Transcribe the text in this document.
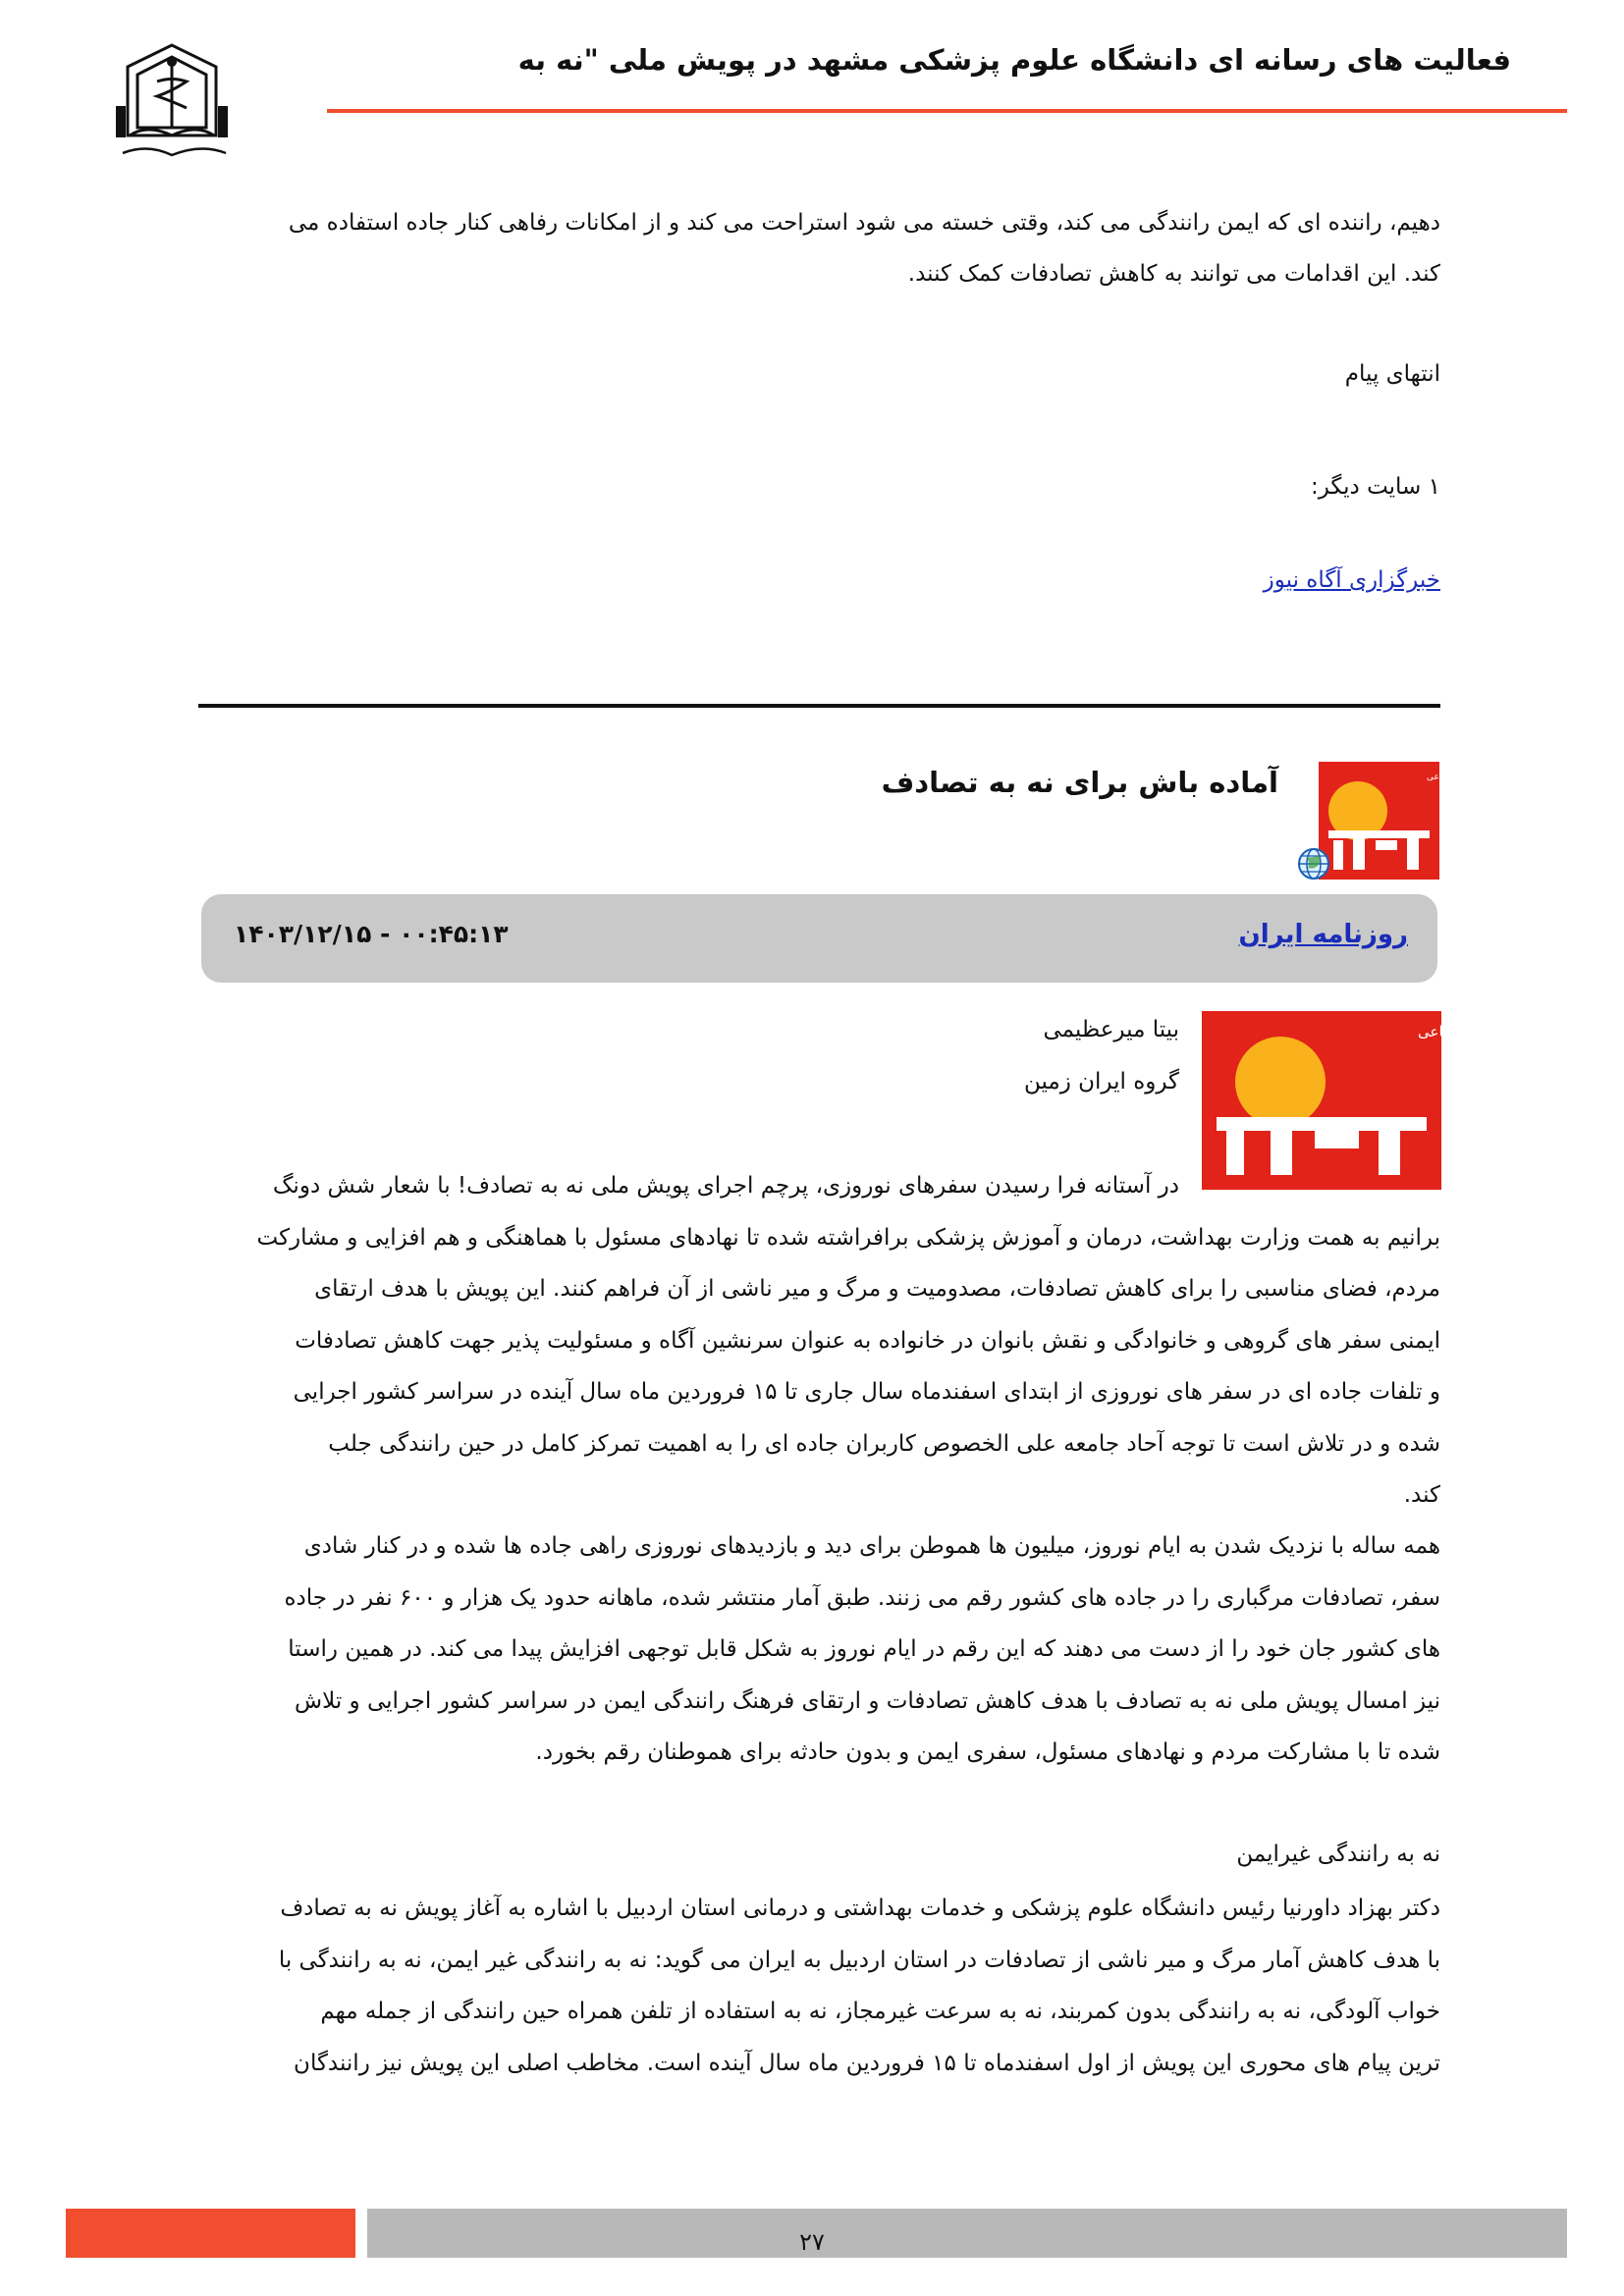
فعالیت های رسانه ای دانشگاه علوم پزشکی مشهد در پویش ملی "نه به
دهیم، راننده ای که ایمن رانندگی می کند، وقتی خسته می شود استراحت می کند و از امکانات رفاهی کنار جاده استفاده می
کند. این اقدامات می توانند به کاهش تصادفات کمک کنند.
انتهای پیام
۱ سایت دیگر:
خبرگزاری آگاه نیوز
روزنامه فرهنگی اجتماعی
آماده باش برای نه به تصادف
روزنامه ایران
۱۴۰۳/۱۲/۱۵ - ۰۰:۴۵:۱۳
روزنامه فرهنگی اجتماعی
بیتا میرعظیمی
گروه ایران زمین
در آستانه فرا رسیدن سفرهای نوروزی، پرچم اجرای پویش ملی نه به تصادف! با شعار شش دونگ
برانیم به همت وزارت بهداشت، درمان و آموزش پزشکی برافراشته شده تا نهادهای مسئول با هماهنگی و هم افزایی و مشارکت
مردم، فضای مناسبی را برای کاهش تصادفات، مصدومیت و مرگ و میر ناشی از آن فراهم کنند. این پویش با هدف ارتقای
ایمنی سفر های گروهی و خانوادگی و نقش بانوان در خانواده به عنوان سرنشین آگاه و مسئولیت پذیر جهت کاهش تصادفات
و تلفات جاده ای در سفر های نوروزی از ابتدای اسفندماه سال جاری تا ۱۵ فروردین ماه سال آینده در سراسر کشور اجرایی
شده و در تلاش است تا توجه آحاد جامعه علی الخصوص کاربران جاده ای را به اهمیت تمرکز کامل در حین رانندگی جلب
کند.
همه ساله با نزدیک شدن به ایام نوروز، میلیون ها هموطن برای دید و بازدیدهای نوروزی راهی جاده ها شده و در کنار شادی
سفر، تصادفات مرگباری را در جاده های کشور رقم می زنند. طبق آمار منتشر شده، ماهانه حدود یک هزار و ۶۰۰ نفر در جاده
های کشور جان خود را از دست می دهند که این رقم در ایام نوروز به شکل قابل توجهی افزایش پیدا می کند. در همین راستا
نیز امسال پویش ملی نه به تصادف با هدف کاهش تصادفات و ارتقای فرهنگ رانندگی ایمن در سراسر کشور اجرایی و تلاش
شده تا با مشارکت مردم و نهادهای مسئول، سفری ایمن و بدون حادثه برای هموطنان رقم بخورد.
نه به رانندگی غیرایمن
دکتر بهزاد داورنیا رئیس دانشگاه علوم پزشکی و خدمات بهداشتی و درمانی استان اردبیل با اشاره به آغاز پویش نه به تصادف
با هدف کاهش آمار مرگ و میر ناشی از تصادفات در استان اردبیل به ایران می گوید: نه به رانندگی غیر ایمن، نه به رانندگی با
خواب آلودگی، نه به رانندگی بدون کمربند، نه به سرعت غیرمجاز، نه به استفاده از تلفن همراه حین رانندگی از جمله مهم
ترین پیام های محوری این پویش از اول اسفندماه تا ۱۵ فروردین ماه سال آینده است. مخاطب اصلی این پویش نیز رانندگان
۲۷
